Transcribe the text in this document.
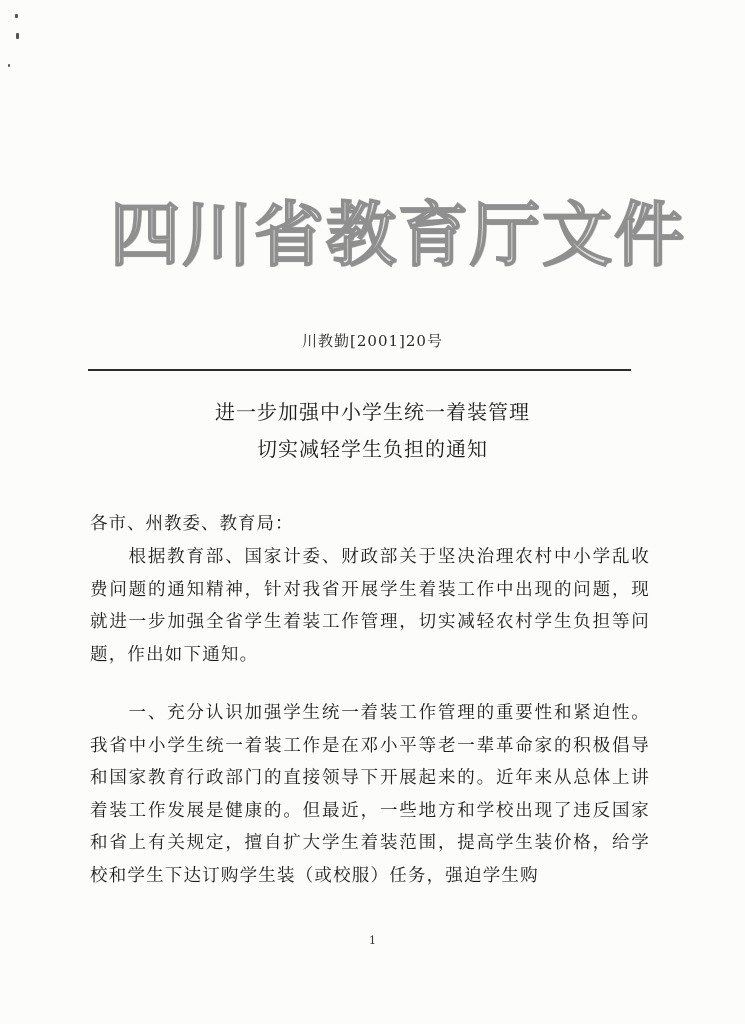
四川省教育厅文件
川教勤[2001]20号
进一步加强中小学生统一着装管理
切实减轻学生负担的通知
各市、州教委、教育局：

根据教育部、国家计委、财政部关于坚决治理农村中小学乱收费问题的通知精神，针对我省开展学生着装工作中出现的问题，现就进一步加强全省学生着装工作管理，切实减轻农村学生负担等问题，作出如下通知。

一、充分认识加强学生统一着装工作管理的重要性和紧迫性。我省中小学生统一着装工作是在邓小平等老一辈革命家的积极倡导和国家教育行政部门的直接领导下开展起来的。近年来从总体上讲着装工作发展是健康的。但最近，一些地方和学校出现了违反国家和省上有关规定，擅自扩大学生着装范围，提高学生装价格，给学校和学生下达订购学生装（或校服）任务，强迫学生购

1
